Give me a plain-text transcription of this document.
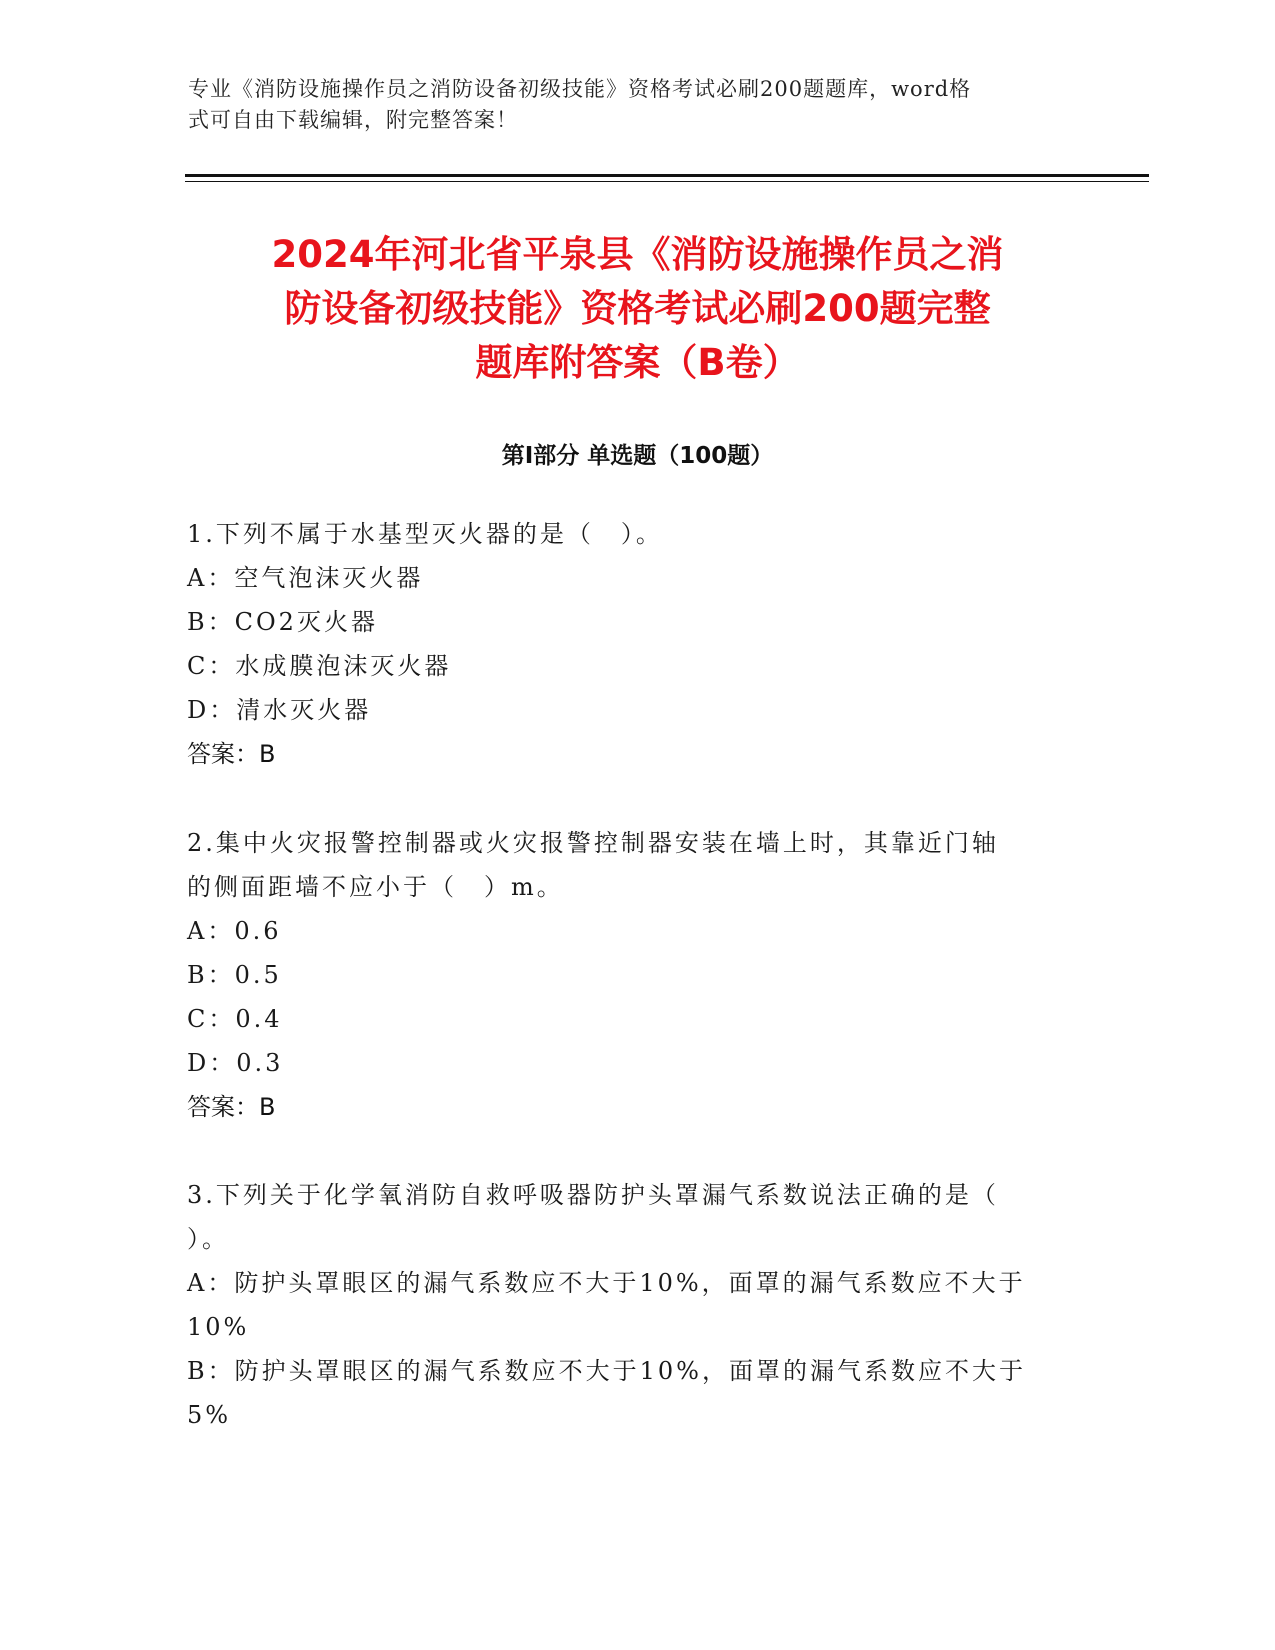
专业《消防设施操作员之消防设备初级技能》资格考试必刷200题题库，word格
式可自由下载编辑，附完整答案！
2024年河北省平泉县《消防设施操作员之消
防设备初级技能》资格考试必刷200题完整
题库附答案（B卷）
第Ⅰ部分 单选题（100题）
1.下列不属于水基型灭火器的是（　）。
A：空气泡沫灭火器
B：CO2灭火器
C：水成膜泡沫灭火器
D：清水灭火器
答案：B
2.集中火灾报警控制器或火灾报警控制器安装在墙上时，其靠近门轴
的侧面距墙不应小于（　）m。
A：0.6
B：0.5
C：0.4
D：0.3
答案：B
3.下列关于化学氧消防自救呼吸器防护头罩漏气系数说法正确的是（
）。
A：防护头罩眼区的漏气系数应不大于10%，面罩的漏气系数应不大于
10%
B：防护头罩眼区的漏气系数应不大于10%，面罩的漏气系数应不大于
5%
